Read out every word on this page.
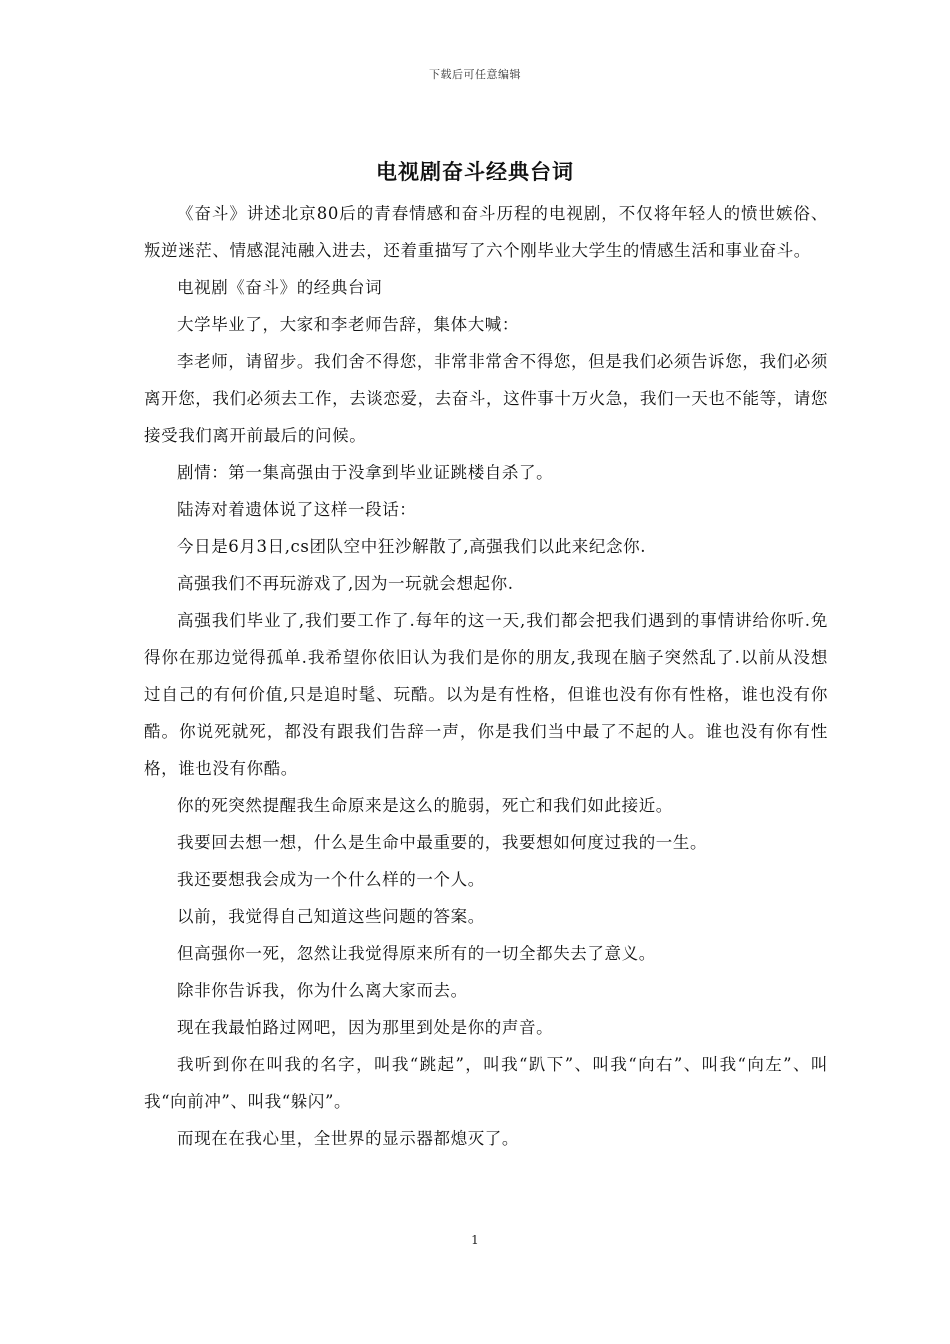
下载后可任意编辑
电视剧奋斗经典台词

《奋斗》讲述北京80后的青春情感和奋斗历程的电视剧，不仅将年轻人的愤世嫉俗、叛逆迷茫、情感混沌融入进去，还着重描写了六个刚毕业大学生的情感生活和事业奋斗。

电视剧《奋斗》的经典台词

大学毕业了，大家和李老师告辞，集体大喊：

李老师，请留步。我们舍不得您，非常非常舍不得您，但是我们必须告诉您，我们必须离开您，我们必须去工作，去谈恋爱，去奋斗，这件事十万火急，我们一天也不能等，请您接受我们离开前最后的问候。

剧情：第一集高强由于没拿到毕业证跳楼自杀了。

陆涛对着遗体说了这样一段话：

今日是6月3日,cs团队空中狂沙解散了,高强我们以此来纪念你.

高强我们不再玩游戏了,因为一玩就会想起你.

高强我们毕业了,我们要工作了.每年的这一天,我们都会把我们遇到的事情讲给你听.免得你在那边觉得孤单.我希望你依旧认为我们是你的朋友,我现在脑子突然乱了.以前从没想过自己的有何价值,只是追时髦、玩酷。以为是有性格，但谁也没有你有性格，谁也没有你酷。你说死就死，都没有跟我们告辞一声，你是我们当中最了不起的人。谁也没有你有性格，谁也没有你酷。

你的死突然提醒我生命原来是这么的脆弱，死亡和我们如此接近。

我要回去想一想，什么是生命中最重要的，我要想如何度过我的一生。

我还要想我会成为一个什么样的一个人。

以前，我觉得自己知道这些问题的答案。

但高强你一死，忽然让我觉得原来所有的一切全都失去了意义。

除非你告诉我，你为什么离大家而去。

现在我最怕路过网吧，因为那里到处是你的声音。

我听到你在叫我的名字，叫我“跳起”，叫我“趴下”、叫我“向右”、叫我“向左”、叫我“向前冲”、叫我“躲闪”。

而现在在我心里，全世界的显示器都熄灭了。

1
